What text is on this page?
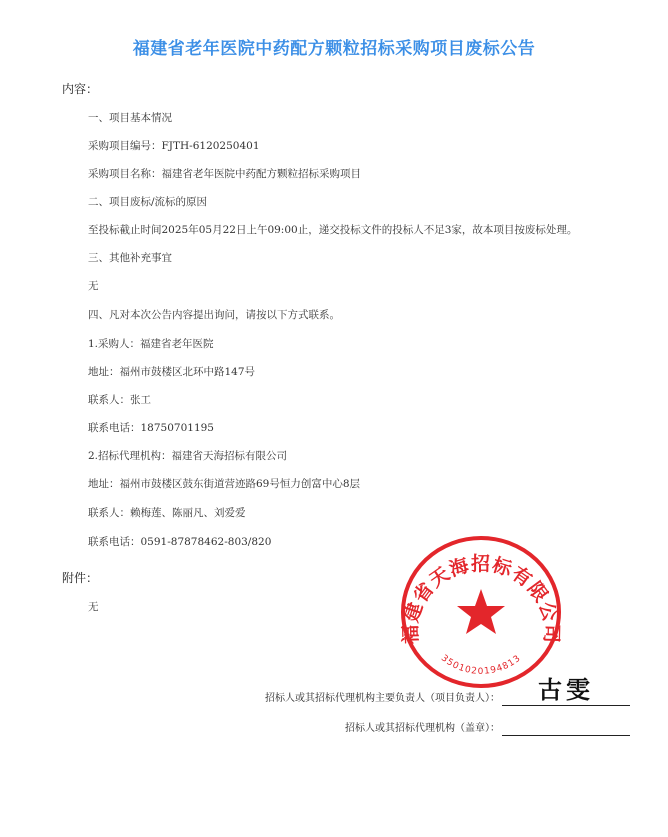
福建省老年医院中药配方颗粒招标采购项目废标公告
内容：
一、项目基本情况
采购项目编号：FJTH-6120250401
采购项目名称：福建省老年医院中药配方颗粒招标采购项目
二、项目废标/流标的原因
至投标截止时间2025年05月22日上午09:00止，递交投标文件的投标人不足3家，故本项目按废标处理。
三、其他补充事宜
无
四、凡对本次公告内容提出询问，请按以下方式联系。
1.采购人：福建省老年医院
地址：福州市鼓楼区北环中路147号
联系人：张工
联系电话：18750701195
2.招标代理机构：福建省天海招标有限公司
地址：福州市鼓楼区鼓东街道营迹路69号恒力创富中心8层
联系人：赖梅莲、陈丽凡、刘爱爱
联系电话：0591-87878462-803/820
附件：
无
福建省天海招标有限公司
3501020194813
招标人或其招标代理机构主要负责人（项目负责人）： 古雯
招标人或其招标代理机构（盖章）：
